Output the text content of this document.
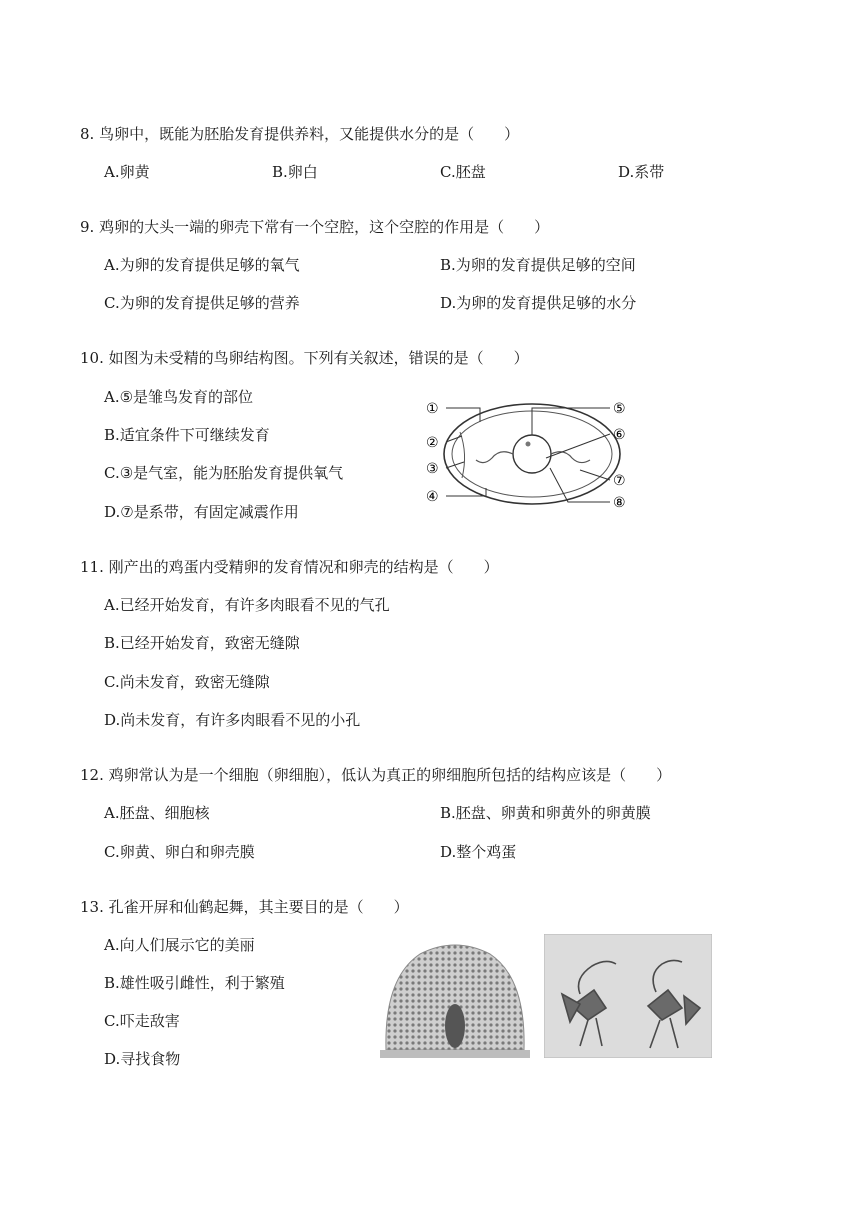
8. 鸟卵中，既能为胚胎发育提供养料，又能提供水分的是（　　）
A.卵黄	B.卵白	C.胚盘	D.系带
9. 鸡卵的大头一端的卵壳下常有一个空腔，这个空腔的作用是（　　）
A.为卵的发育提供足够的氧气	B.为卵的发育提供足够的空间
C.为卵的发育提供足够的营养	D.为卵的发育提供足够的水分
10. 如图为未受精的鸟卵结构图。下列有关叙述，错误的是（　　）
A.⑤是雏鸟发育的部位
B.适宜条件下可继续发育
C.③是气室，能为胚胎发育提供氧气
D.⑦是系带，有固定减震作用
①
②
③
④
⑤
⑥
⑦
⑧
11. 刚产出的鸡蛋内受精卵的发育情况和卵壳的结构是（　　）
A.已经开始发育，有许多肉眼看不见的气孔
B.已经开始发育，致密无缝隙
C.尚未发育，致密无缝隙
D.尚未发育，有许多肉眼看不见的小孔
12. 鸡卵常认为是一个细胞（卵细胞），低认为真正的卵细胞所包括的结构应该是（　　）
A.胚盘、细胞核	B.胚盘、卵黄和卵黄外的卵黄膜
C.卵黄、卵白和卵壳膜	D.整个鸡蛋
13. 孔雀开屏和仙鹤起舞，其主要目的是（　　）
A.向人们展示它的美丽
B.雄性吸引雌性，利于繁殖
C.吓走敌害
D.寻找食物
